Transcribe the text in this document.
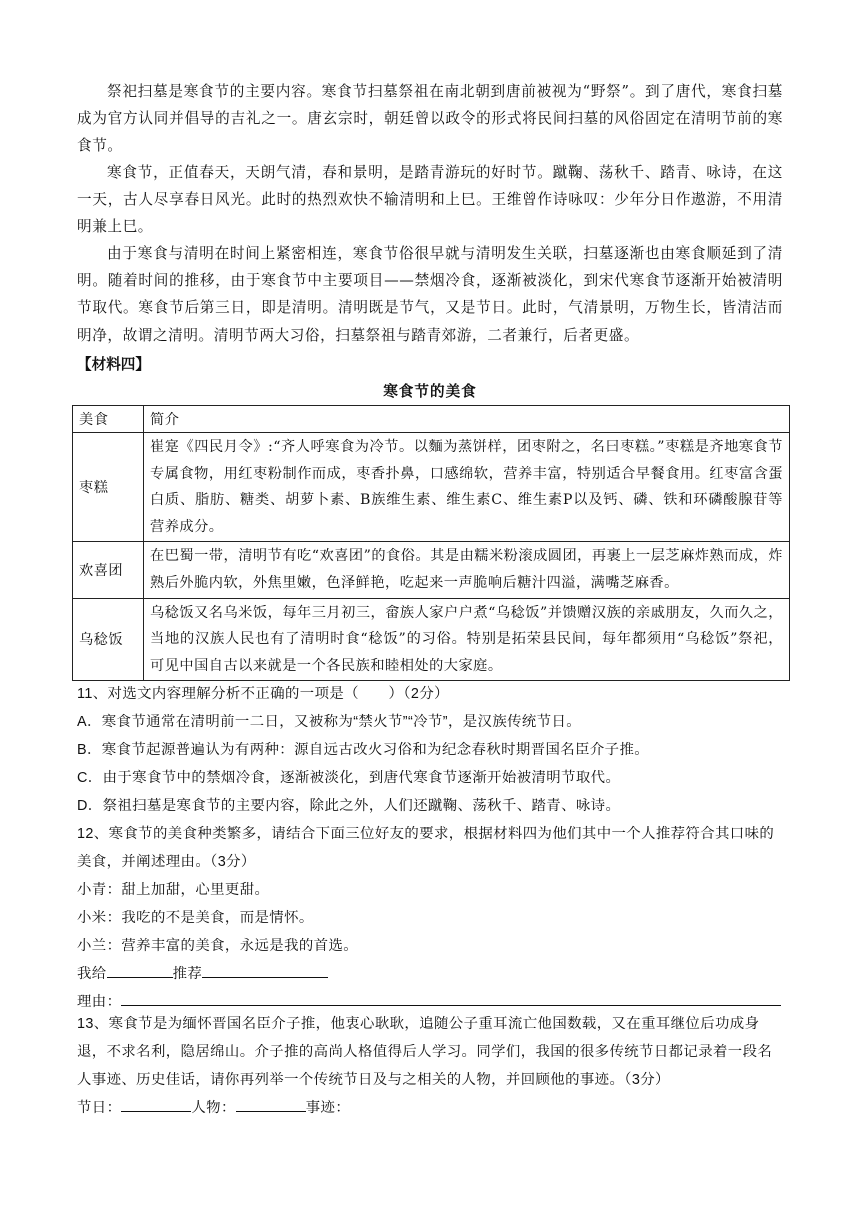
祭祀扫墓是寒食节的主要内容。寒食节扫墓祭祖在南北朝到唐前被视为“野祭”。到了唐代，寒食扫墓成为官方认同并倡导的吉礼之一。唐玄宗时，朝廷曾以政令的形式将民间扫墓的风俗固定在清明节前的寒食节。

寒食节，正值春天，天朗气清，春和景明，是踏青游玩的好时节。蹴鞠、荡秋千、踏青、咏诗，在这一天，古人尽享春日风光。此时的热烈欢快不输清明和上巳。王维曾作诗咏叹：少年分日作遨游，不用清明兼上巳。

由于寒食与清明在时间上紧密相连，寒食节俗很早就与清明发生关联，扫墓逐渐也由寒食顺延到了清明。随着时间的推移，由于寒食节中主要项目——禁烟冷食，逐渐被淡化，到宋代寒食节逐渐开始被清明节取代。寒食节后第三日，即是清明。清明既是节气，又是节日。此时，气清景明，万物生长，皆清洁而明净，故谓之清明。清明节两大习俗，扫墓祭祖与踏青郊游，二者兼行，后者更盛。

【材料四】
寒食节的美食
美食	简介
枣糕	崔寔《四民月令》:“齐人呼寒食为冷节。以麵为蒸饼样，团枣附之，名曰枣糕。”枣糕是齐地寒食节专属食物，用红枣粉制作而成，枣香扑鼻，口感绵软，营养丰富，特别适合早餐食用。红枣富含蛋白质、脂肪、糖类、胡萝卜素、B族维生素、维生素C、维生素P以及钙、磷、铁和环磷酸腺苷等营养成分。
欢喜团	在巴蜀一带，清明节有吃“欢喜团”的食俗。其是由糯米粉滚成圆团，再裹上一层芝麻炸熟而成，炸熟后外脆内软，外焦里嫩，色泽鲜艳，吃起来一声脆响后糖汁四溢，满嘴芝麻香。
乌稔饭	乌稔饭又名乌米饭，每年三月初三，畲族人家户户煮“乌稔饭”并馈赠汉族的亲戚朋友，久而久之，当地的汉族人民也有了清明时食“稔饭”的习俗。特别是拓荣县民间，每年都须用“乌稔饭”祭祀，可见中国自古以来就是一个各民族和睦相处的大家庭。
11、对选文内容理解分析不正确的一项是（　　）（2分）
A．寒食节通常在清明前一二日，又被称为“禁火节”“冷节”，是汉族传统节日。
B．寒食节起源普遍认为有两种：源自远古改火习俗和为纪念春秋时期晋国名臣介子推。
C．由于寒食节中的禁烟冷食，逐渐被淡化，到唐代寒食节逐渐开始被清明节取代。
D．祭祖扫墓是寒食节的主要内容，除此之外，人们还蹴鞠、荡秋千、踏青、咏诗。
12、寒食节的美食种类繁多，请结合下面三位好友的要求，根据材料四为他们其中一个人推荐符合其口味的美食，并阐述理由。（3分）
小青：甜上加甜，心里更甜。
小米：我吃的不是美食，而是情怀。
小兰：营养丰富的美食，永远是我的首选。
我给	推荐
理由：
13、寒食节是为缅怀晋国名臣介子推，他衷心耿耿，追随公子重耳流亡他国数载，又在重耳继位后功成身退，不求名利，隐居绵山。介子推的高尚人格值得后人学习。同学们，我国的很多传统节日都记录着一段名人事迹、历史佳话，请你再列举一个传统节日及与之相关的人物，并回顾他的事迹。（3分）
节日：	人物：	事迹：
